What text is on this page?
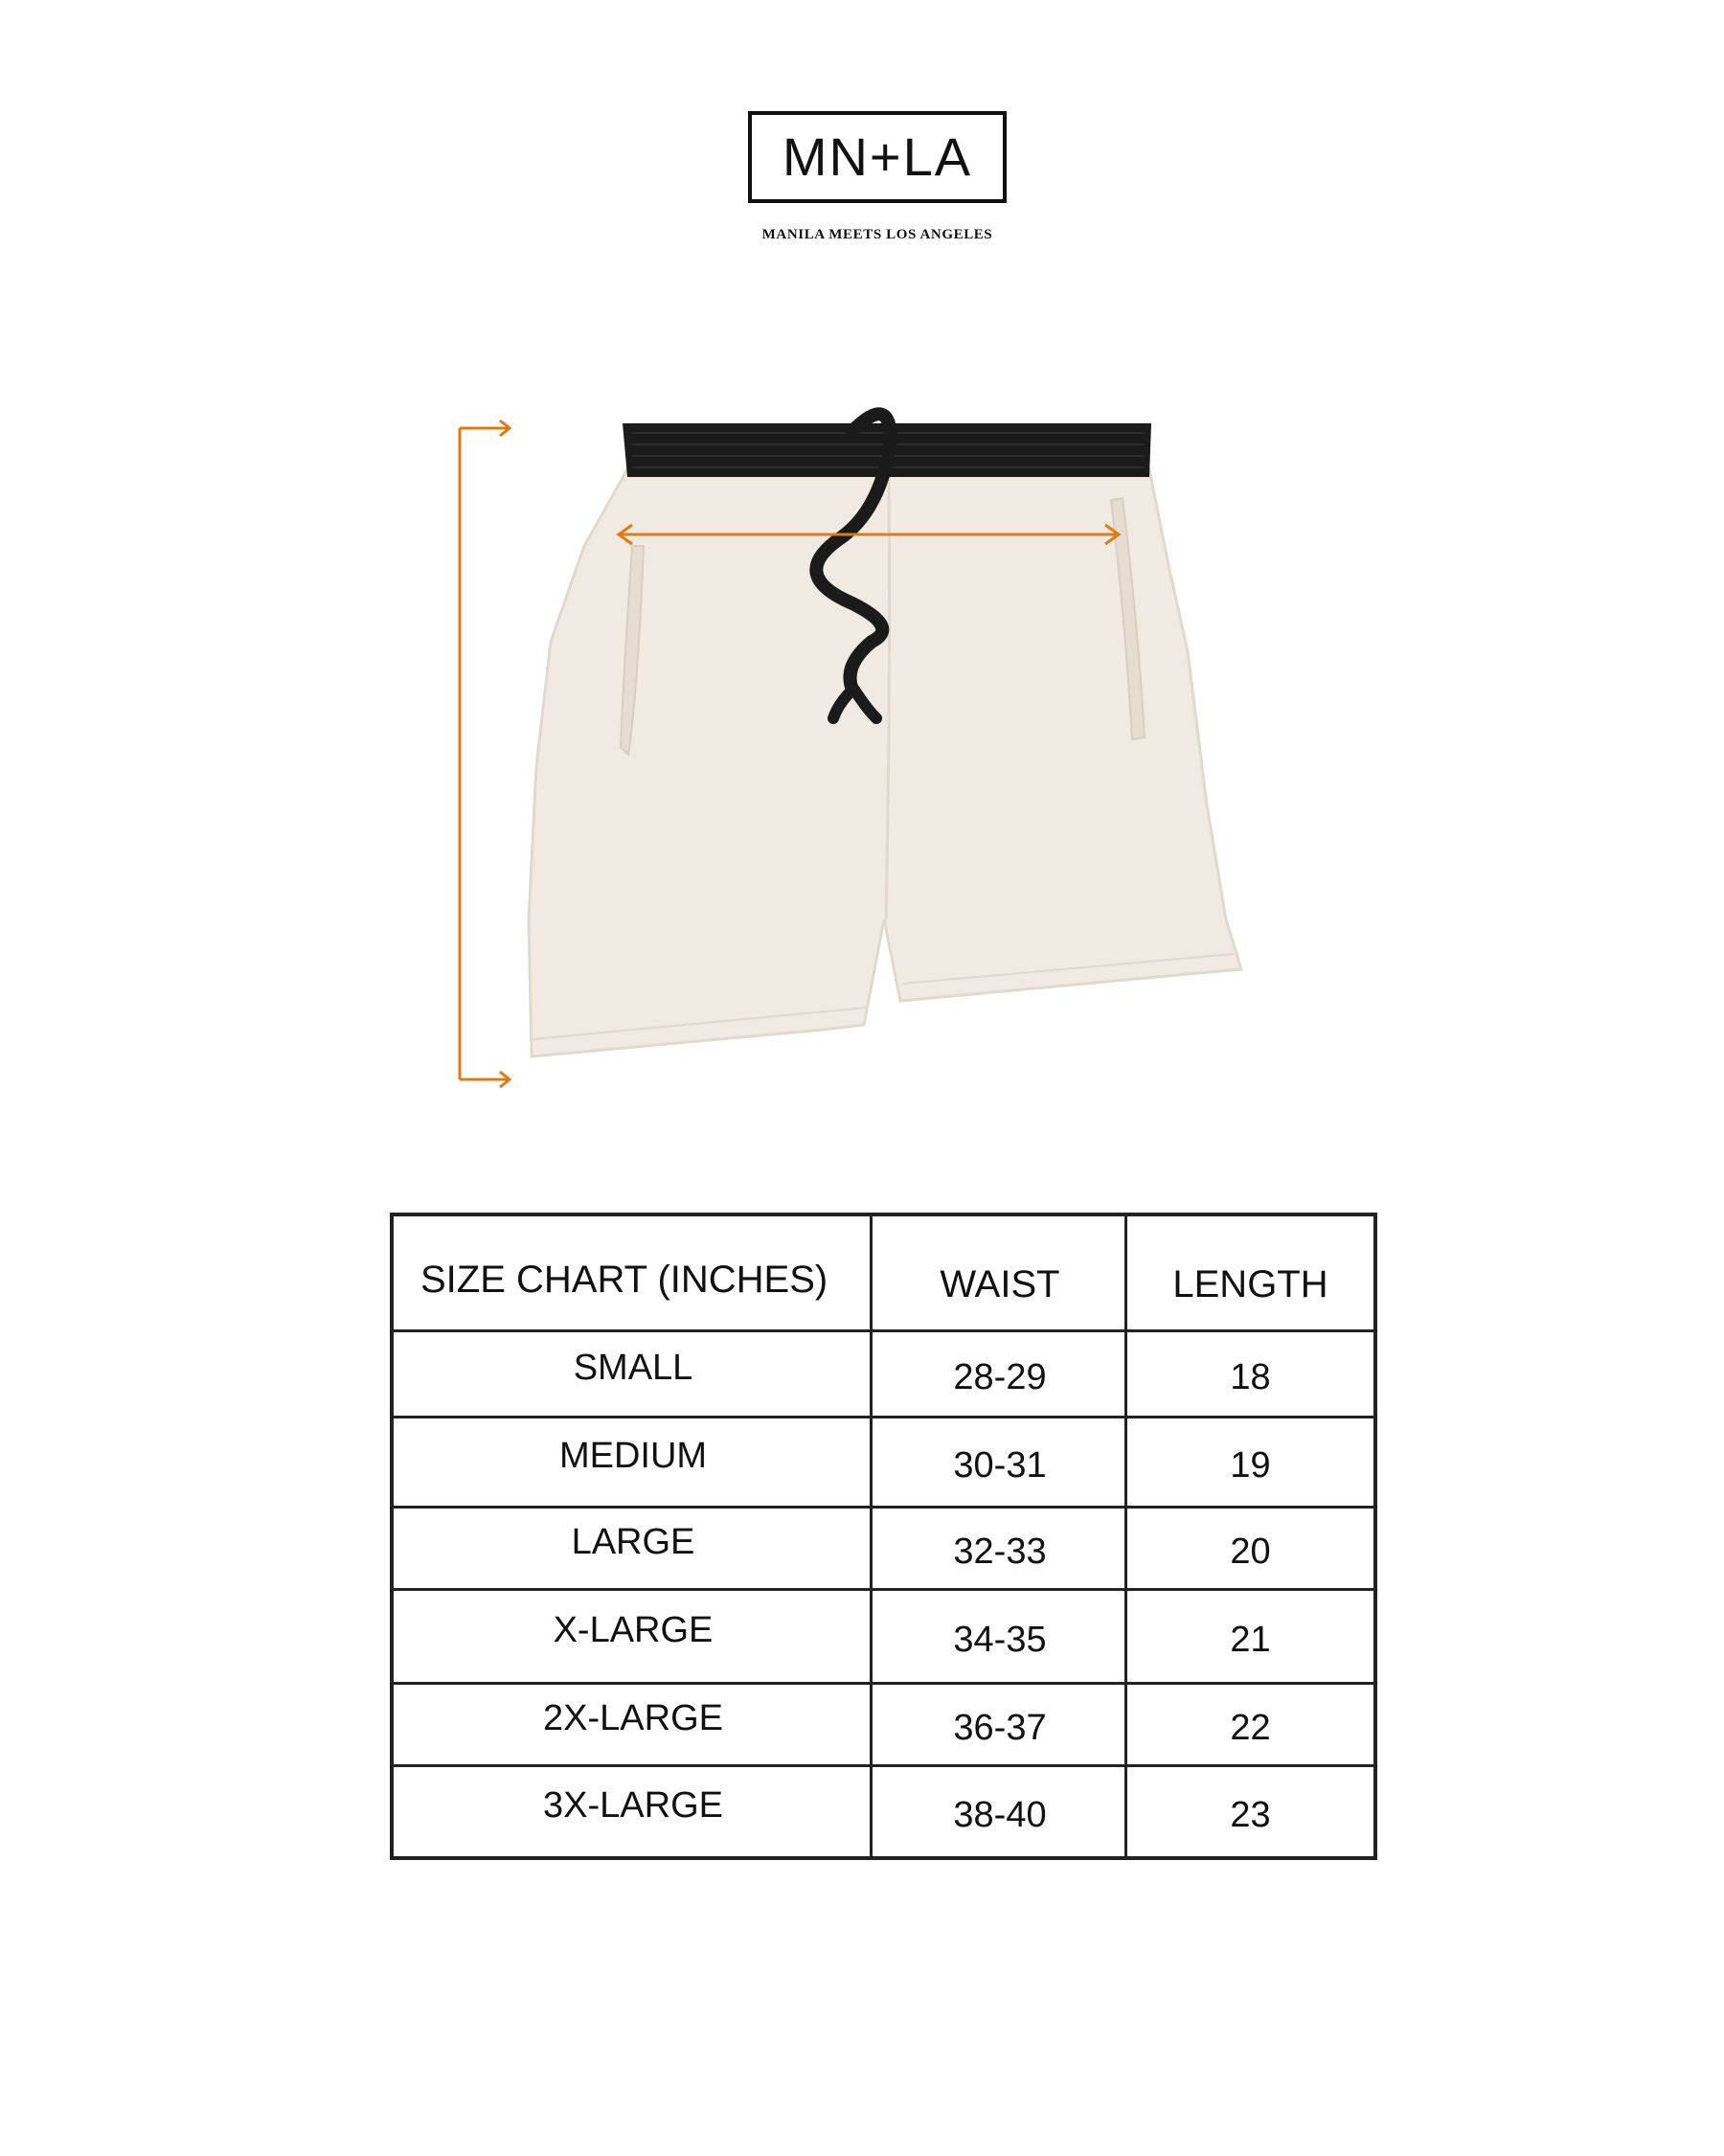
MN+LA
MANILA MEETS LOS ANGELES
SIZE CHART (INCHES)	WAIST	LENGTH
SMALL	28-29	18
MEDIUM	30-31	19
LARGE	32-33	20
X-LARGE	34-35	21
2X-LARGE	36-37	22
3X-LARGE	38-40	23
